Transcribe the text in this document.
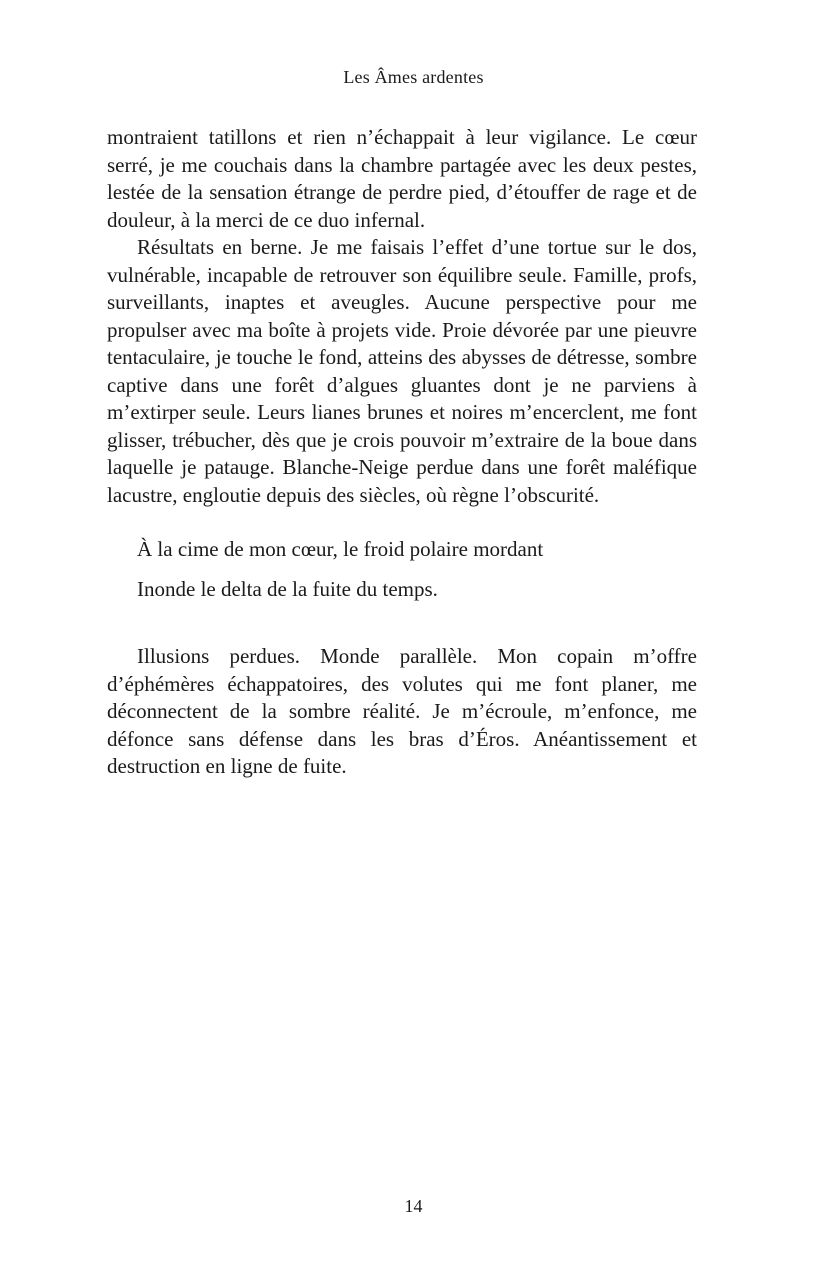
Les Âmes ardentes

montraient tatillons et rien n’échappait à leur vigilance. Le cœur serré, je me couchais dans la chambre partagée avec les deux pestes, lestée de la sensation étrange de perdre pied, d’étouffer de rage et de douleur, à la merci de ce duo infernal.

Résultats en berne. Je me faisais l’effet d’une tortue sur le dos, vulnérable, incapable de retrouver son équilibre seule. Famille, profs, surveillants, inaptes et aveugles. Aucune perspective pour me propulser avec ma boîte à projets vide. Proie dévorée par une pieuvre tentaculaire, je touche le fond, atteins des abysses de détresse, sombre captive dans une forêt d’algues gluantes dont je ne parviens à m’extirper seule. Leurs lianes brunes et noires m’encerclent, me font glisser, trébucher, dès que je crois pouvoir m’extraire de la boue dans laquelle je patauge. Blanche-Neige perdue dans une forêt maléfique lacustre, engloutie depuis des siècles, où règne l’obscurité.

À la cime de mon cœur, le froid polaire mordant

Inonde le delta de la fuite du temps.

Illusions perdues. Monde parallèle. Mon copain m’offre d’éphémères échappatoires, des volutes qui me font planer, me déconnectent de la sombre réalité. Je m’écroule, m’enfonce, me défonce sans défense dans les bras d’Éros. Anéantissement et destruction en ligne de fuite.

14
